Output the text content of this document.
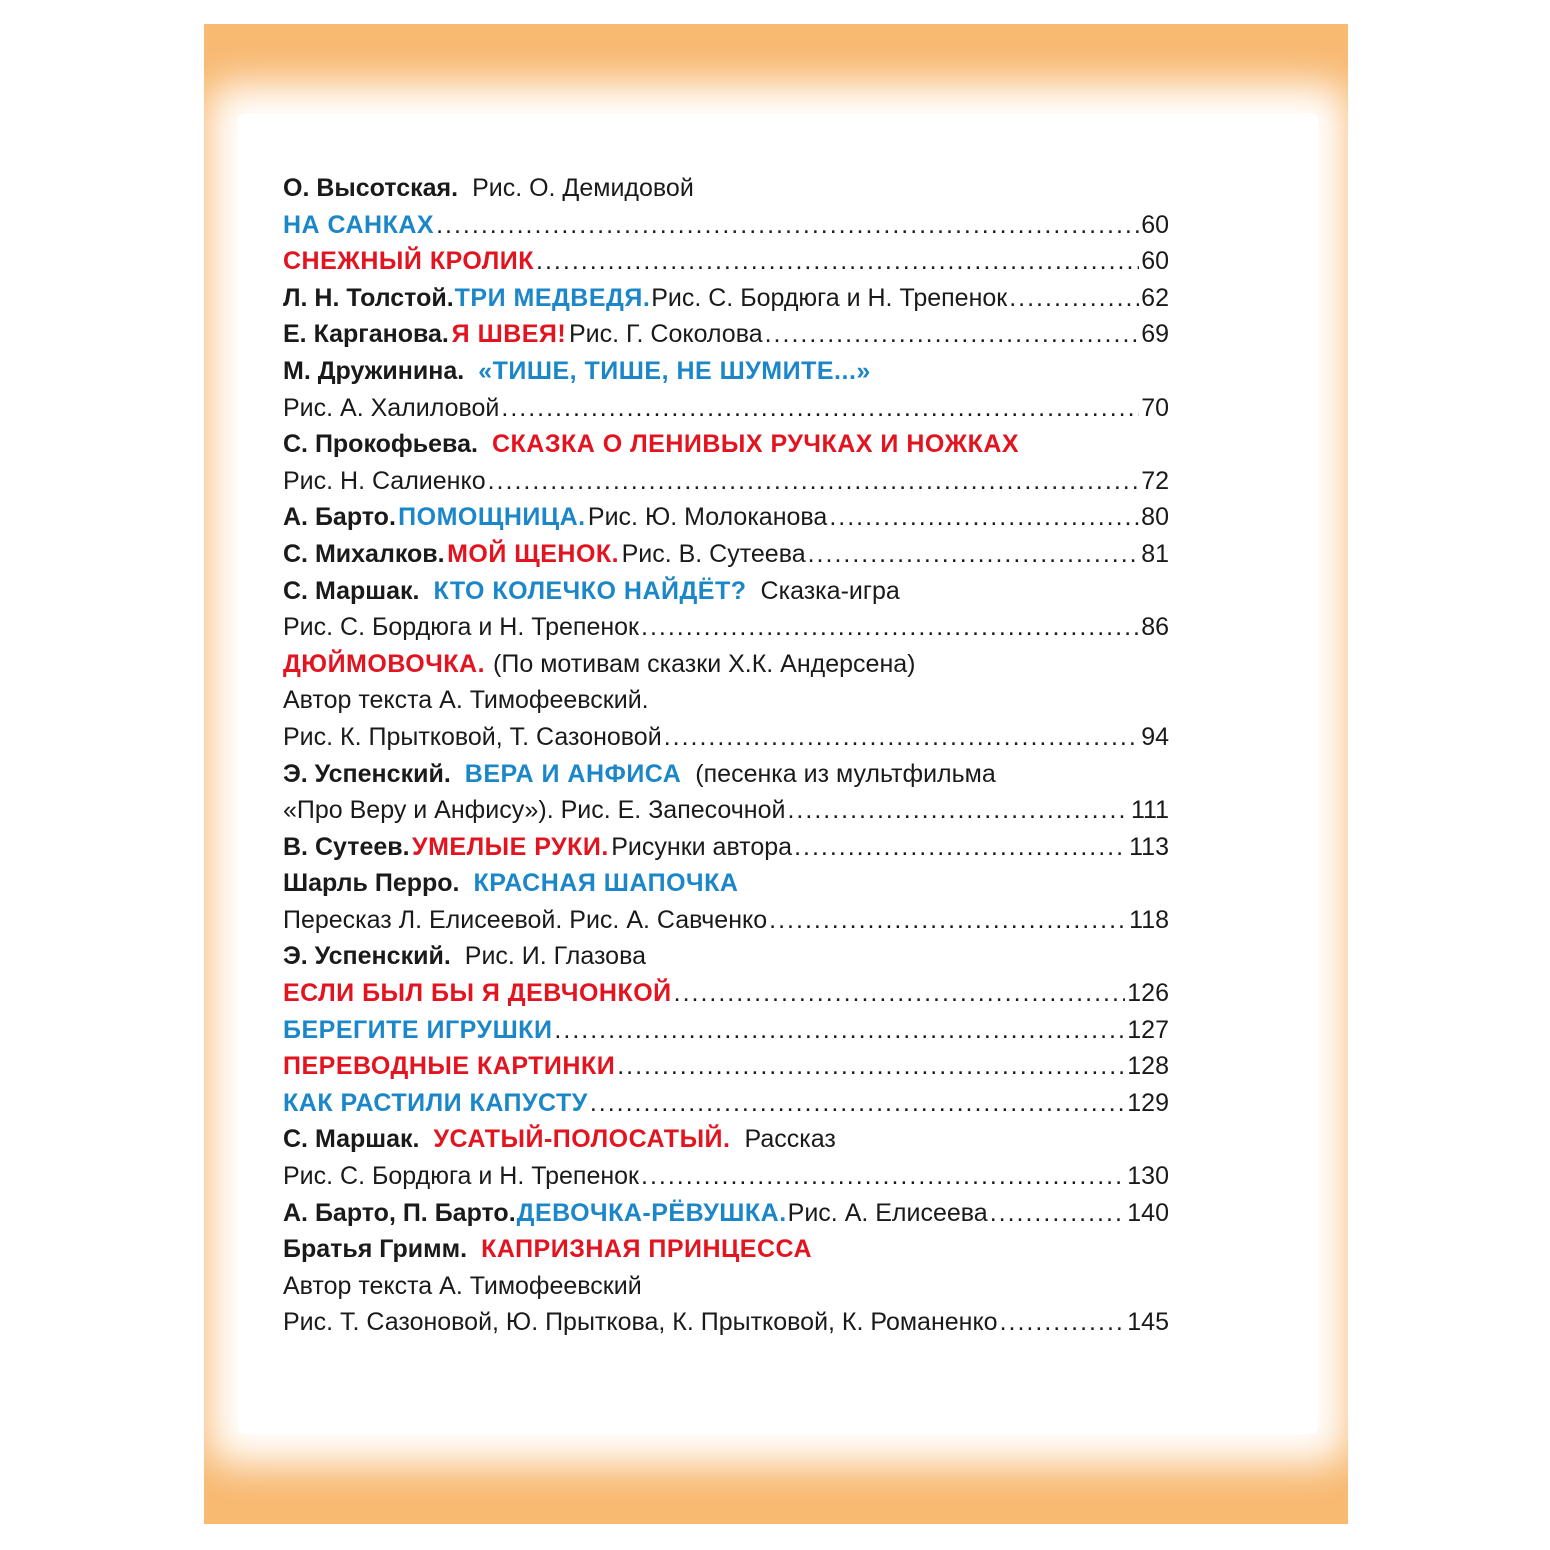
О. Высотская. Рис. О. Демидовой
НА САНКАХ .....	60
СНЕЖНЫЙ КРОЛИК .....	60
Л. Н. Толстой. ТРИ МЕДВЕДЯ. Рис. С. Бордюга и Н. Трепенок .....	62
Е. Карганова. Я ШВЕЯ! Рис. Г. Соколова .....	69
М. Дружинина. «ТИШЕ, ТИШЕ, НЕ ШУМИТЕ...»
Рис. А. Халиловой .....	70
С. Прокофьева. СКАЗКА О ЛЕНИВЫХ РУЧКАХ И НОЖКАХ
Рис. Н. Салиенко .....	72
А. Барто. ПОМОЩНИЦА. Рис. Ю. Молоканова .....	80
С. Михалков. МОЙ ЩЕНОК. Рис. В. Сутеева .....	81
С. Маршак. КТО КОЛЕЧКО НАЙДЁТ? Сказка-игра
Рис. С. Бордюга и Н. Трепенок .....	86
ДЮЙМОВОЧКА. (По мотивам сказки Х.К. Андерсена)
Автор текста А. Тимофеевский.
Рис. К. Прытковой, Т. Сазоновой .....	94
Э. Успенский. ВЕРА И АНФИСА (песенка из мультфильма
«Про Веру и Анфису»). Рис. Е. Запесочной .....	111
В. Сутеев. УМЕЛЫЕ РУКИ. Рисунки автора .....	113
Шарль Перро. КРАСНАЯ ШАПОЧКА
Пересказ Л. Елисеевой. Рис. А. Савченко .....	118
Э. Успенский. Рис. И. Глазова
ЕСЛИ БЫЛ БЫ Я ДЕВЧОНКОЙ .....	126
БЕРЕГИТЕ ИГРУШКИ .....	127
ПЕРЕВОДНЫЕ КАРТИНКИ .....	128
КАК РАСТИЛИ КАПУСТУ .....	129
С. Маршак. УСАТЫЙ-ПОЛОСАТЫЙ. Рассказ
Рис. С. Бордюга и Н. Трепенок .....	130
А. Барто, П. Барто. ДЕВОЧКА-РЁВУШКА. Рис. А. Елисеева .....	140
Братья Гримм. КАПРИЗНАЯ ПРИНЦЕССА
Автор текста А. Тимофеевский
Рис. Т. Сазоновой, Ю. Прыткова, К. Прытковой, К. Романенко .....	145
